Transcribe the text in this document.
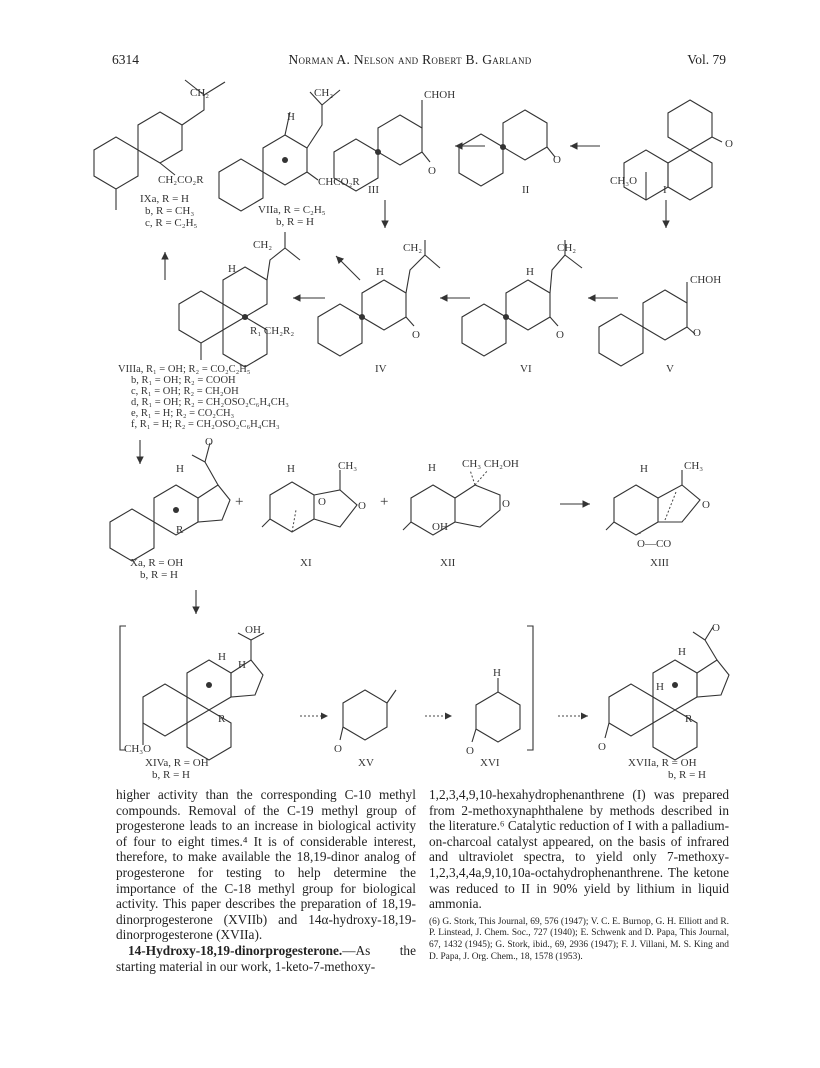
6314	Norman A. Nelson and Robert B. Garland	Vol. 79
CH₂
CH₂CO₂R
IXa, R = H
b, R = CH₃
c, R = C₂H₅
CH₂
H
CHCO₂R
VIIa, R = C₂H₅
b, R = H
CHOH
O
III
O
II
O
CH₃O
I
CH₂
H
R₁ CH₂R₂
VIIIa, R₁ = OH; R₂ = CO₂C₂H₅
b, R₁ = OH; R₂ = COOH
c, R₁ = OH; R₂ = CH₂OH
d, R₁ = OH; R₂ = CH₂OSO₂C₆H₄CH₃
e, R₁ = H; R₂ = CO₂CH₃
f, R₁ = H; R₂ = CH₂OSO₂C₆H₄CH₃
CH₂
H
O
IV
CH₂
H
O
VI
CHOH
O
V
O
H
R
Xa, R = OH
b, R = H
+
H	CH₃
O	O
XI
+
H CH₃ CH₂OH
OH
O
XII
H	CH₃
O
O—CO
XIII
OH
H
H
R
CH₃O
XIVa, R = OH
b, R = H
O
XV
H
O
XVI
O
H
H
R
O
XVIIa, R = OH
b, R = H

higher activity than the corresponding C-10 methyl compounds. Removal of the C-19 methyl group of progesterone leads to an increase in biological activity of four to eight times.⁴ It is of considerable interest, therefore, to make available the 18,19-dinor analog of progesterone for testing to help determine the importance of the C-18 methyl group for biological activity. This paper describes the preparation of 18,19-dinorprogesterone (XVIIb) and 14α-hydroxy-18,19-dinorprogesterone (XVIIa).

14-Hydroxy-18,19-dinorprogesterone.—As the starting material in our work, 1-keto-7-methoxy-

1,2,3,4,9,10-hexahydrophenanthrene (I) was prepared from 2-methoxynaphthalene by methods described in the literature.⁶ Catalytic reduction of I with a palladium-on-charcoal catalyst appeared, on the basis of infrared and ultraviolet spectra, to yield only 7-methoxy-1,2,3,4,4a,9,10,10a-octahydrophenanthrene. The ketone was reduced to II in 90% yield by lithium in liquid ammonia.

(6) G. Stork, This Journal, 69, 576 (1947); V. C. E. Burnop, G. H. Elliott and R. P. Linstead, J. Chem. Soc., 727 (1940); E. Schwenk and D. Papa, This Journal, 67, 1432 (1945); G. Stork, ibid., 69, 2936 (1947); F. J. Villani, M. S. King and D. Papa, J. Org. Chem., 18, 1578 (1953).
